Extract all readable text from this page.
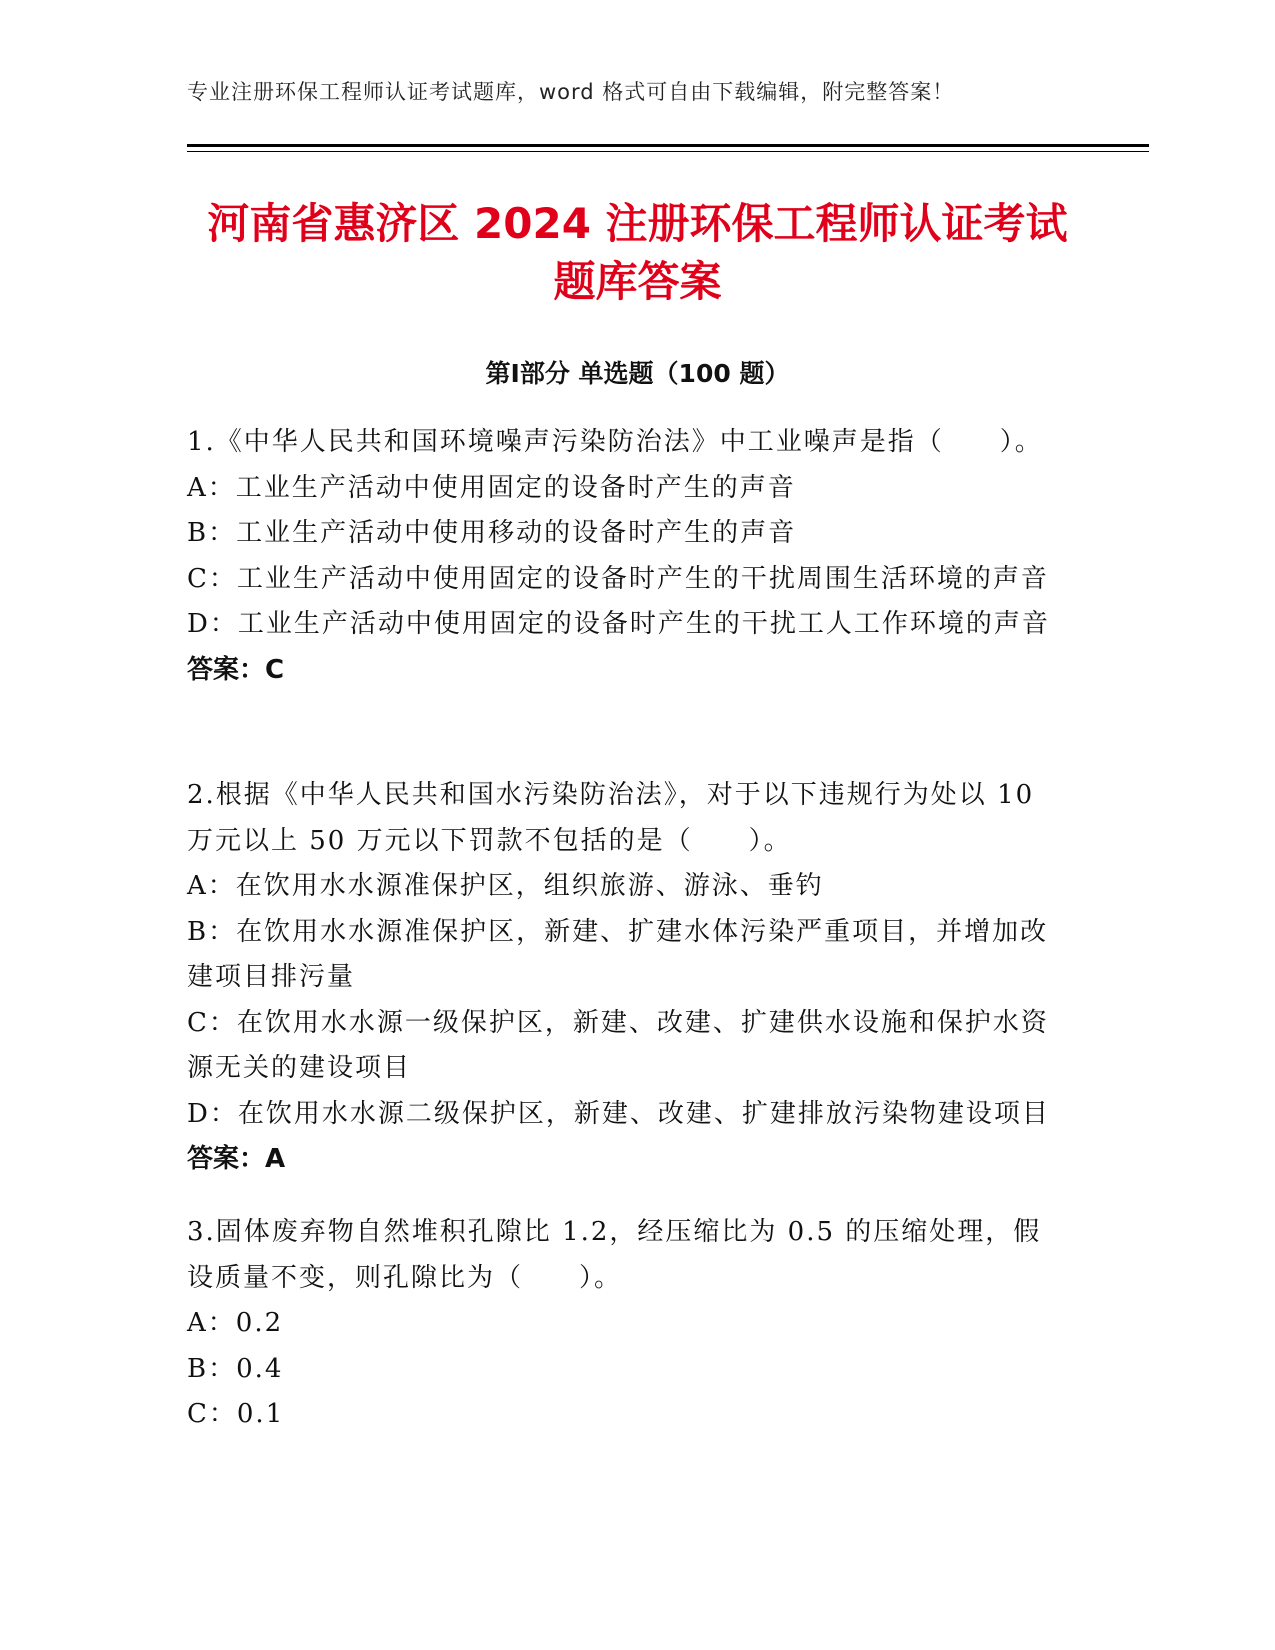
专业注册环保工程师认证考试题库，word 格式可自由下载编辑，附完整答案！
河南省惠济区 2024 注册环保工程师认证考试
题库答案
第Ⅰ部分 单选题（100 题）

1.《中华人民共和国环境噪声污染防治法》中工业噪声是指（　　）。

A：工业生产活动中使用固定的设备时产生的声音

B：工业生产活动中使用移动的设备时产生的声音

C：工业生产活动中使用固定的设备时产生的干扰周围生活环境的声音

D：工业生产活动中使用固定的设备时产生的干扰工人工作环境的声音

答案：C

2.根据《中华人民共和国水污染防治法》，对于以下违规行为处以 10 万元以上 50 万元以下罚款不包括的是（　　）。

A：在饮用水水源准保护区，组织旅游、游泳、垂钓

B：在饮用水水源准保护区，新建、扩建水体污染严重项目，并增加改建项目排污量

C：在饮用水水源一级保护区，新建、改建、扩建供水设施和保护水资源无关的建设项目

D：在饮用水水源二级保护区，新建、改建、扩建排放污染物建设项目

答案：A

3.固体废弃物自然堆积孔隙比 1.2，经压缩比为 0.5 的压缩处理，假设质量不变，则孔隙比为（　　）。

A：0.2

B：0.4

C：0.1
